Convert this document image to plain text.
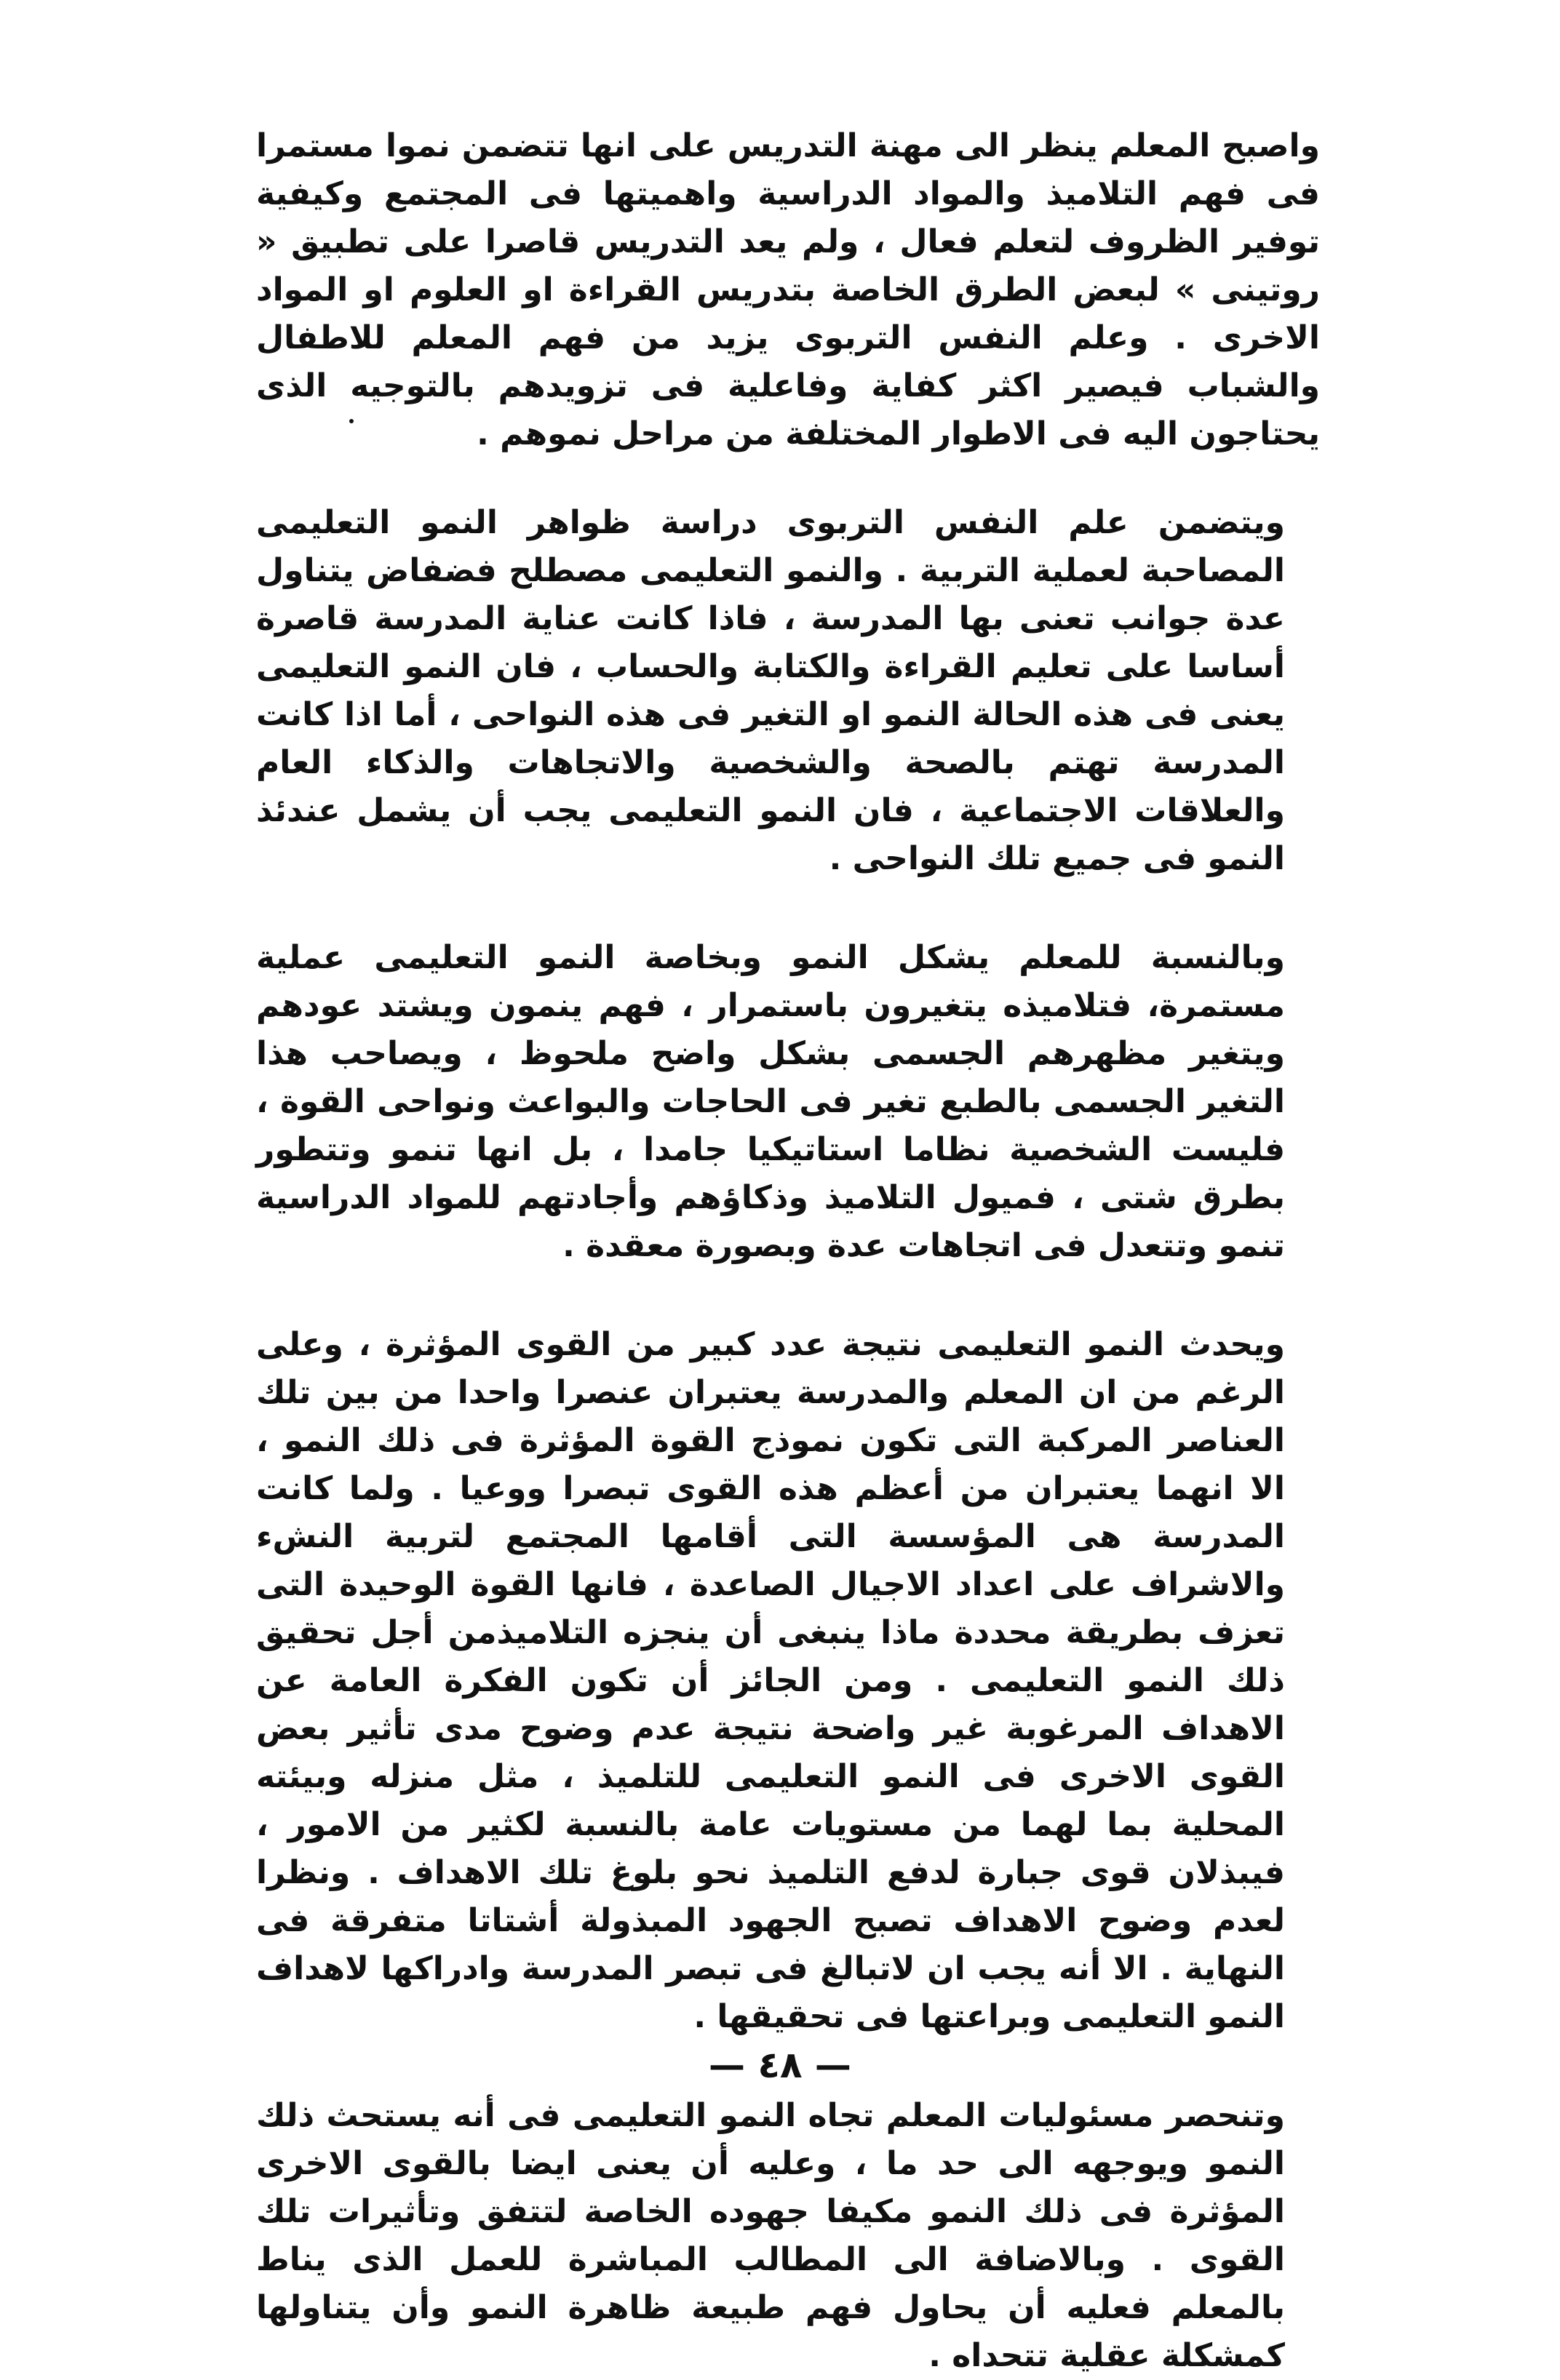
واصبح المعلم ينظر الى مهنة التدريس على انها تتضمن نموا مستمرا فى فهم التلاميذ والمواد الدراسية واهميتها فى المجتمع وكيفية توفير الظروف لتعلم فعال ، ولم يعد التدريس قاصرا على تطبيق « روتينى » لبعض الطرق الخاصة بتدريس القراءة او العلوم او المواد الاخرى . وعلم النفس التربوى يزيد من فهم المعلم للاطفال والشباب فيصير اكثر كفاية وفاعلية فى تزويدهم بالتوجيه الذى يحتاجون اليه فى الاطوار المختلفة من مراحل نموهم .

ويتضمن علم النفس التربوى دراسة ظواهر النمو التعليمى المصاحبة لعملية التربية . والنمو التعليمى مصطلح فضفاض يتناول عدة جوانب تعنى بها المدرسة ، فاذا كانت عناية المدرسة قاصرة أساسا على تعليم القراءة والكتابة والحساب ، فان النمو التعليمى يعنى فى هذه الحالة النمو او التغير فى هذه النواحى ، أما اذا كانت المدرسة تهتم بالصحة والشخصية والاتجاهات والذكاء العام والعلاقات الاجتماعية ، فان النمو التعليمى يجب أن يشمل عندئذ النمو فى جميع تلك النواحى .

وبالنسبة للمعلم يشكل النمو وبخاصة النمو التعليمى عملية مستمرة، فتلاميذه يتغيرون باستمرار ، فهم ينمون ويشتد عودهم ويتغير مظهرهم الجسمى بشكل واضح ملحوظ ، ويصاحب هذا التغير الجسمى بالطبع تغير فى الحاجات والبواعث ونواحى القوة ، فليست الشخصية نظاما استاتيكيا جامدا ، بل انها تنمو وتتطور بطرق شتى ، فميول التلاميذ وذكاؤهم وأجادتهم للمواد الدراسية تنمو وتتعدل فى اتجاهات عدة وبصورة معقدة .

ويحدث النمو التعليمى نتيجة عدد كبير من القوى المؤثرة ، وعلى الرغم من ان المعلم والمدرسة يعتبران عنصرا واحدا من بين تلك العناصر المركبة التى تكون نموذج القوة المؤثرة فى ذلك النمو ، الا انهما يعتبران من أعظم هذه القوى تبصرا ووعيا . ولما كانت المدرسة هى المؤسسة التى أقامها المجتمع لتربية النشء والاشراف على اعداد الاجيال الصاعدة ، فانها القوة الوحيدة التى تعزف بطريقة محددة ماذا ينبغى أن ينجزه التلاميذمن أجل تحقيق ذلك النمو التعليمى . ومن الجائز أن تكون الفكرة العامة عن الاهداف المرغوبة غير واضحة نتيجة عدم وضوح مدى تأثير بعض القوى الاخرى فى النمو التعليمى للتلميذ ، مثل منزله وبيئته المحلية بما لهما من مستويات عامة بالنسبة لكثير من الامور ، فيبذلان قوى جبارة لدفع التلميذ نحو بلوغ تلك الاهداف . ونظرا لعدم وضوح الاهداف تصبح الجهود المبذولة أشتاتا متفرقة فى النهاية . الا أنه يجب ان لاتبالغ فى تبصر المدرسة وادراكها لاهداف النمو التعليمى وبراعتها فى تحقيقها .

وتنحصر مسئوليات المعلم تجاه النمو التعليمى فى أنه يستحث ذلك النمو ويوجهه الى حد ما ، وعليه أن يعنى ايضا بالقوى الاخرى المؤثرة فى ذلك النمو مكيفا جهوده الخاصة لتتفق وتأثيرات تلك القوى . وبالاضافة الى المطالب المباشرة للعمل الذى يناط بالمعلم فعليه أن يحاول فهم طبيعة ظاهرة النمو وأن يتناولها كمشكلة عقلية تتحداه .

— ٤٨ —
